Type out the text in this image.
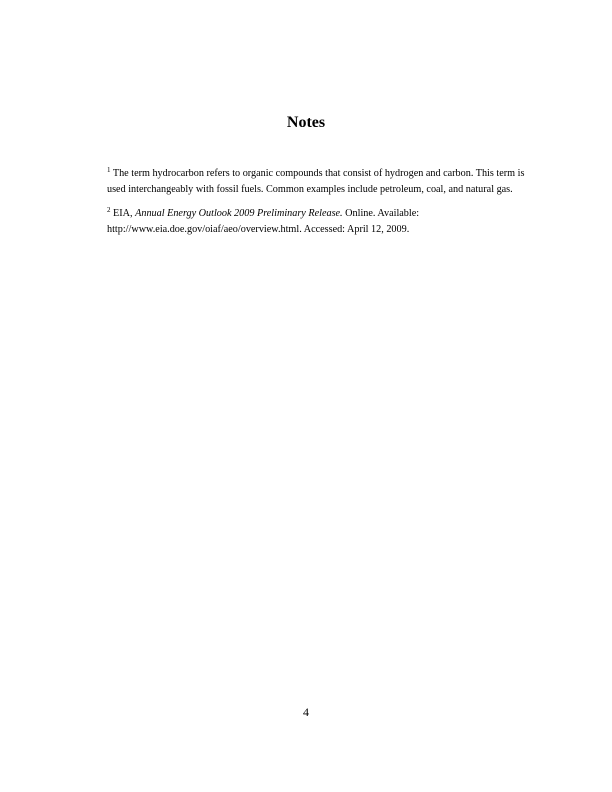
Notes
$^1$ The term hydrocarbon refers to organic compounds that consist of hydrogen and carbon. This term is
used interchangeably with fossil fuels. Common examples include petroleum, coal, and natural gas.
$^2$ EIA, Annual Energy Outlook 2009 Preliminary Release. Online. Available:
http://www.eia.doe.gov/oiaf/aeo/overview.html. Accessed: April 12, 2009.
4
